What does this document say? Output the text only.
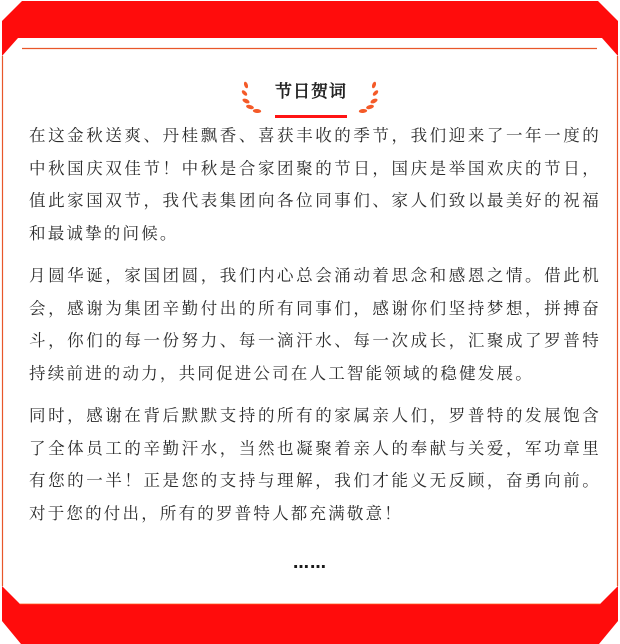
节日贺词

在这金秋送爽、丹桂飘香、喜获丰收的季节，我们迎来了一年一度的中秋国庆双佳节！中秋是合家团聚的节日，国庆是举国欢庆的节日，值此家国双节，我代表集团向各位同事们、家人们致以最美好的祝福和最诚挚的问候。

月圆华诞，家国团圆，我们内心总会涌动着思念和感恩之情。借此机会，感谢为集团辛勤付出的所有同事们，感谢你们坚持梦想，拼搏奋斗，你们的每一份努力、每一滴汗水、每一次成长，汇聚成了罗普特持续前进的动力，共同促进公司在人工智能领域的稳健发展。

同时，感谢在背后默默支持的所有的家属亲人们，罗普特的发展饱含了全体员工的辛勤汗水，当然也凝聚着亲人的奉献与关爱，军功章里有您的一半！正是您的支持与理解，我们才能义无反顾，奋勇向前。对于您的付出，所有的罗普特人都充满敬意！

……
